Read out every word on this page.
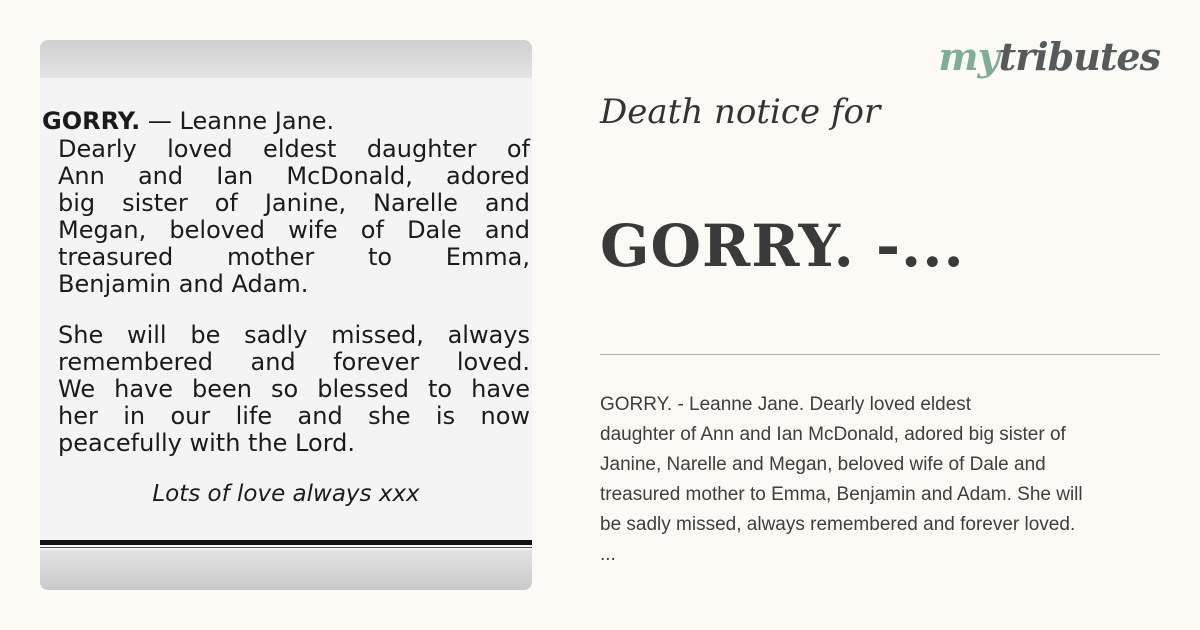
GORRY. — Leanne Jane.

Dearly loved eldest daughter of

Ann and Ian McDonald, adored

big sister of Janine, Narelle and

Megan, beloved wife of Dale and

treasured mother to Emma,

Benjamin and Adam.

She will be sadly missed, always

remembered and forever loved.

We have been so blessed to have

her in our life and she is now

peacefully with the Lord.

Lots of love always xxx
mytributes
Death notice for
GORRY. -...

GORRY. - Leanne Jane. Dearly loved eldest

daughter of Ann and Ian McDonald, adored big sister of

Janine, Narelle and Megan, beloved wife of Dale and

treasured mother to Emma, Benjamin and Adam. She will

be sadly missed, always remembered and forever loved.

...
